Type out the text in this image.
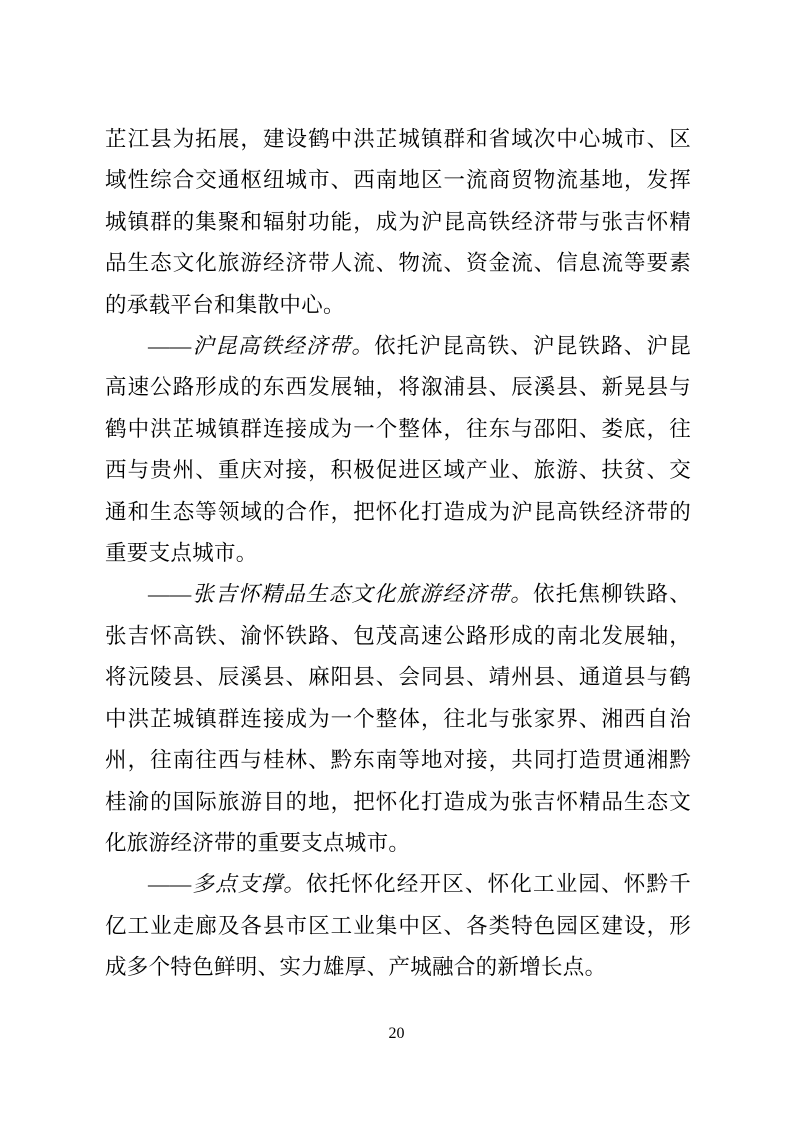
芷江县为拓展，建设鹤中洪芷城镇群和省域次中心城市、区域性综合交通枢纽城市、西南地区一流商贸物流基地，发挥城镇群的集聚和辐射功能，成为沪昆高铁经济带与张吉怀精品生态文化旅游经济带人流、物流、资金流、信息流等要素的承载平台和集散中心。

——沪昆高铁经济带。依托沪昆高铁、沪昆铁路、沪昆高速公路形成的东西发展轴，将溆浦县、辰溪县、新晃县与鹤中洪芷城镇群连接成为一个整体，往东与邵阳、娄底，往西与贵州、重庆对接，积极促进区域产业、旅游、扶贫、交通和生态等领域的合作，把怀化打造成为沪昆高铁经济带的重要支点城市。

——张吉怀精品生态文化旅游经济带。依托焦柳铁路、张吉怀高铁、渝怀铁路、包茂高速公路形成的南北发展轴，将沅陵县、辰溪县、麻阳县、会同县、靖州县、通道县与鹤中洪芷城镇群连接成为一个整体，往北与张家界、湘西自治州，往南往西与桂林、黔东南等地对接，共同打造贯通湘黔桂渝的国际旅游目的地，把怀化打造成为张吉怀精品生态文化旅游经济带的重要支点城市。

——多点支撑。依托怀化经开区、怀化工业园、怀黔千亿工业走廊及各县市区工业集中区、各类特色园区建设，形成多个特色鲜明、实力雄厚、产城融合的新增长点。

20
